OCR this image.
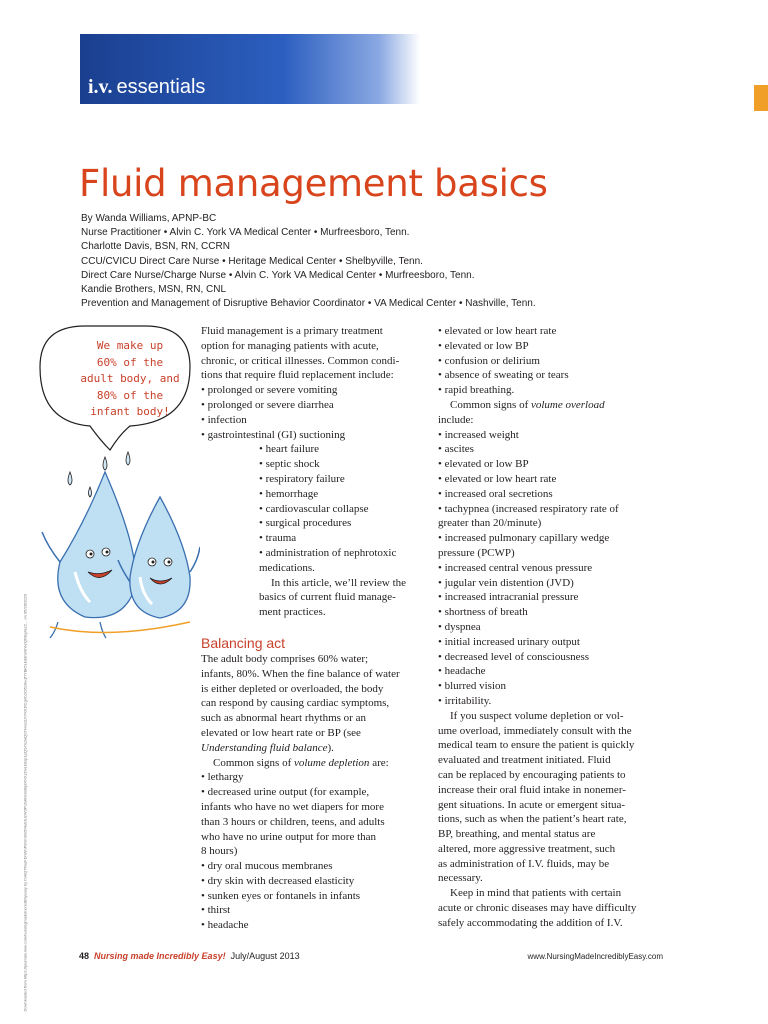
i.v. essentials
Fluid management basics
By Wanda Williams, APNP-BC
Nurse Practitioner • Alvin C. York VA Medical Center • Murfreesboro, Tenn.
Charlotte Davis, BSN, RN, CCRN
CCU/CVICU Direct Care Nurse • Heritage Medical Center • Shelbyville, Tenn.
Direct Care Nurse/Charge Nurse • Alvin C. York VA Medical Center • Murfreesboro, Tenn.
Kandie Brothers, MSN, RN, CNL
Prevention and Management of Disruptive Behavior Coordinator • VA Medical Center • Nashville, Tenn.
Downloaded from https://journals.lww.com/nursingmadeincrediblyeasy by hVkQ7fmuFDnWnP8Vm6m5MuGlUzW0PU9Ahbm0kjdXNXzOvLk0sp1pQS7nzlaQ07Hox11XYKKDCgVbJz95z9eqTlYBk5Lkd3n9XhhzQh9ig4zz2... on 05/28/2020
We make up
60% of the
adult body, and
80% of the
infant body!
Fluid management is a primary treatment
option for managing patients with acute,
chronic, or critical illnesses. Common condi-
tions that require fluid replacement include:
• prolonged or severe vomiting
• prolonged or severe diarrhea
• infection
• gastrointestinal (GI) suctioning
• heart failure
• septic shock
• respiratory failure
• hemorrhage
• cardiovascular collapse
• surgical procedures
• trauma
• administration of nephrotoxic
medications.
In this article, we’ll review the
basics of current fluid manage-
ment practices.
Balancing act
The adult body comprises 60% water;
infants, 80%. When the fine balance of water
is either depleted or overloaded, the body
can respond by causing cardiac symptoms,
such as abnormal heart rhythms or an
elevated or low heart rate or BP (see
Understanding fluid balance).
Common signs of volume depletion are:
• lethargy
• decreased urine output (for example,
infants who have no wet diapers for more
than 3 hours or children, teens, and adults
who have no urine output for more than
8 hours)
• dry oral mucous membranes
• dry skin with decreased elasticity
• sunken eyes or fontanels in infants
• thirst
• headache
• elevated or low heart rate
• elevated or low BP
• confusion or delirium
• absence of sweating or tears
• rapid breathing.
Common signs of volume overload
include:
• increased weight
• ascites
• elevated or low BP
• elevated or low heart rate
• increased oral secretions
• tachypnea (increased respiratory rate of
greater than 20/minute)
• increased pulmonary capillary wedge
pressure (PCWP)
• increased central venous pressure
• jugular vein distention (JVD)
• increased intracranial pressure
• shortness of breath
• dyspnea
• initial increased urinary output
• decreased level of consciousness
• headache
• blurred vision
• irritability.
If you suspect volume depletion or vol-
ume overload, immediately consult with the
medical team to ensure the patient is quickly
evaluated and treatment initiated. Fluid
can be replaced by encouraging patients to
increase their oral fluid intake in nonemer-
gent situations. In acute or emergent situa-
tions, such as when the patient’s heart rate,
BP, breathing, and mental status are
altered, more aggressive treatment, such
as administration of I.V. fluids, may be
necessary.
Keep in mind that patients with certain
acute or chronic diseases may have difficulty
safely accommodating the addition of I.V.
48 Nursing made Incredibly Easy! July/August 2013	www.NursingMadeIncrediblyEasy.com
